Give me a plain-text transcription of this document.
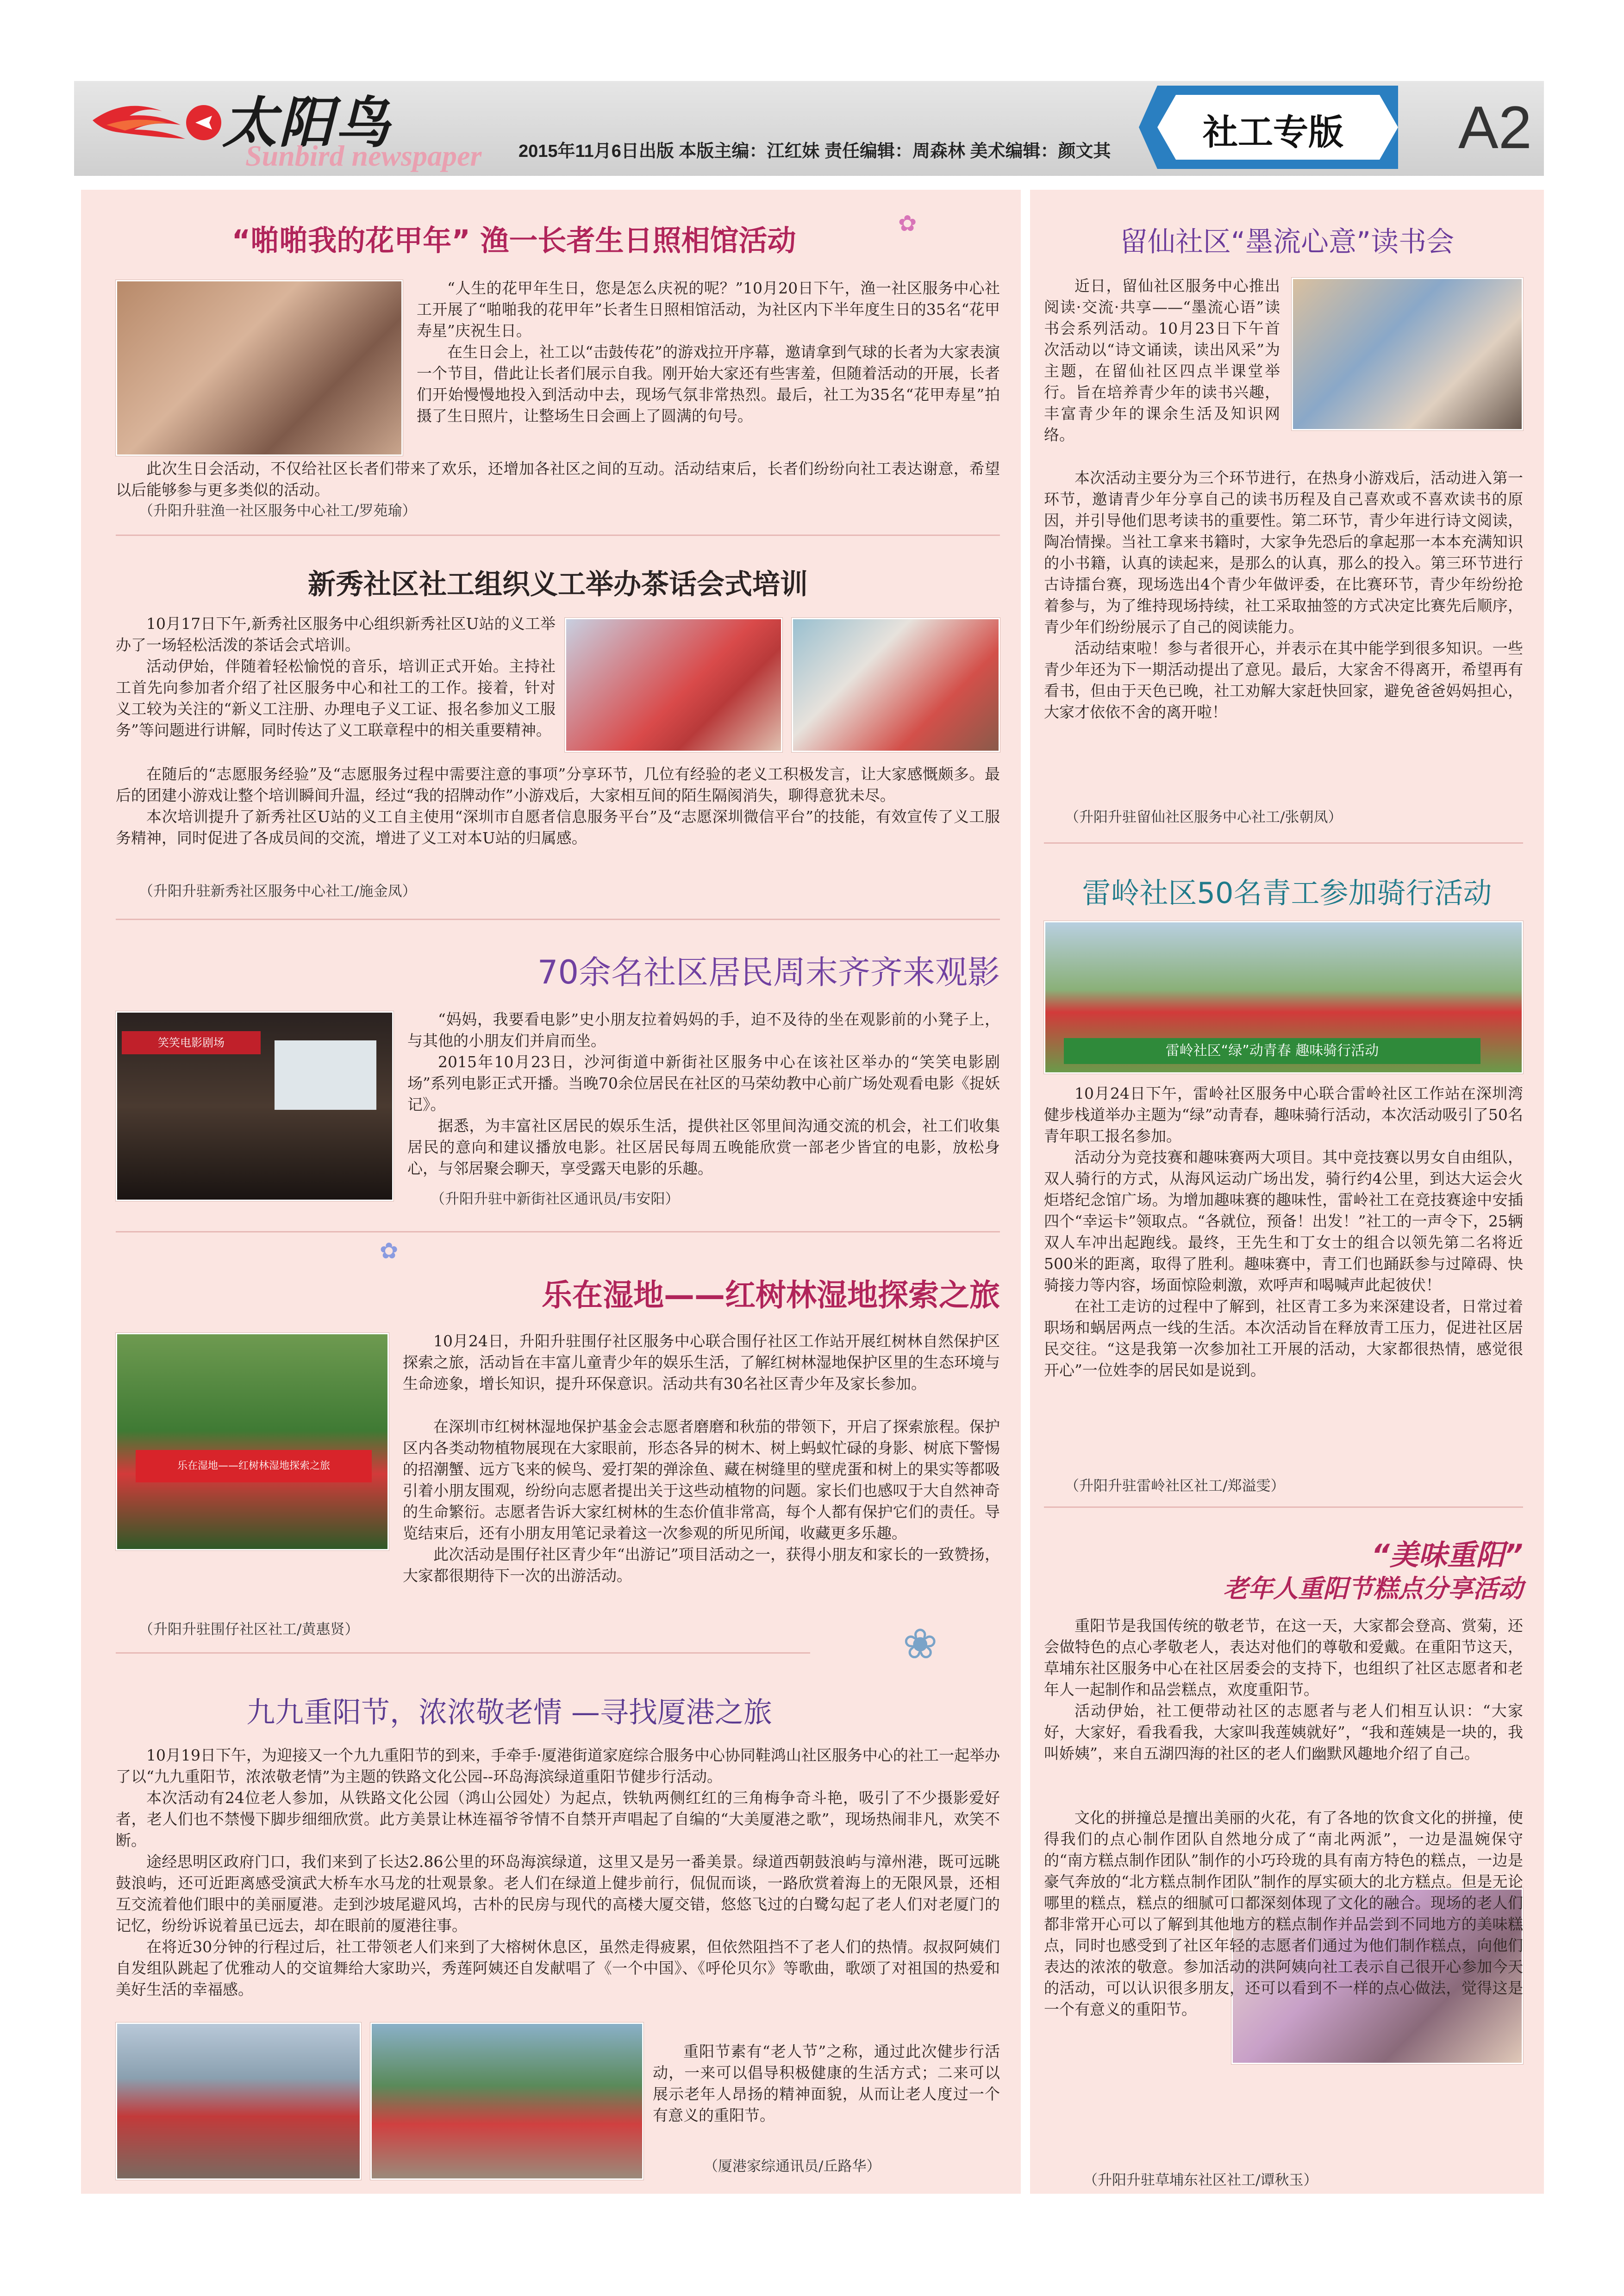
太阳鸟
Sunbird newspaper 2015年11月6日出版 本版主编：江红妹 责任编辑：周森林 美术编辑：颜文其	社工专版 A2
“啪啪我的花甲年” 渔一长者生日照相馆活动	✿

“人生的花甲年生日，您是怎么庆祝的呢？”10月20日下午，渔一社区服务中心社工开展了“啪啪我的花甲年”长者生日照相馆活动，为社区内下半年度生日的35名“花甲寿星”庆祝生日。

在生日会上，社工以“击鼓传花”的游戏拉开序幕，邀请拿到气球的长者为大家表演一个节目，借此让长者们展示自我。刚开始大家还有些害羞，但随着活动的开展，长者们开始慢慢地投入到活动中去，现场气氛非常热烈。最后，社工为35名“花甲寿星”拍摄了生日照片，让整场生日会画上了圆满的句号。

此次生日会活动，不仅给社区长者们带来了欢乐，还增加各社区之间的互动。活动结束后，长者们纷纷向社工表达谢意，希望以后能够参与更多类似的活动。

（升阳升驻渔一社区服务中心社工/罗苑瑜）
新秀社区社工组织义工举办茶话会式培训

10月17日下午,新秀社区服务中心组织新秀社区U站的义工举办了一场轻松活泼的茶话会式培训。

活动伊始，伴随着轻松愉悦的音乐，培训正式开始。主持社工首先向参加者介绍了社区服务中心和社工的工作。接着，针对义工较为关注的“新义工注册、办理电子义工证、报名参加义工服务”等问题进行讲解，同时传达了义工联章程中的相关重要精神。

在随后的“志愿服务经验”及“志愿服务过程中需要注意的事项”分享环节，几位有经验的老义工积极发言，让大家感慨颇多。最后的团建小游戏让整个培训瞬间升温，经过“我的招牌动作”小游戏后，大家相互间的陌生隔阂消失，聊得意犹未尽。

本次培训提升了新秀社区U站的义工自主使用“深圳市自愿者信息服务平台”及“志愿深圳微信平台”的技能，有效宣传了义工服务精神，同时促进了各成员间的交流，增进了义工对本U站的归属感。

（升阳升驻新秀社区服务中心社工/施金凤）
70余名社区居民周末齐齐来观影
笑笑电影剧场

“妈妈，我要看电影”史小朋友拉着妈妈的手，迫不及待的坐在观影前的小凳子上，与其他的小朋友们并肩而坐。

2015年10月23日，沙河街道中新街社区服务中心在该社区举办的“笑笑电影剧场”系列电影正式开播。当晚70余位居民在社区的马荣幼教中心前广场处观看电影《捉妖记》。

据悉，为丰富社区居民的娱乐生活，提供社区邻里间沟通交流的机会，社工们收集居民的意向和建议播放电影。社区居民每周五晚能欣赏一部老少皆宜的电影，放松身心，与邻居聚会聊天，享受露天电影的乐趣。

（升阳升驻中新街社区通讯员/韦安阳）
✿
乐在湿地——红树林湿地探索之旅
乐在湿地——红树林湿地探索之旅

10月24日，升阳升驻围仔社区服务中心联合围仔社区工作站开展红树林自然保护区探索之旅，活动旨在丰富儿童青少年的娱乐生活，了解红树林湿地保护区里的生态环境与生命迹象，增长知识，提升环保意识。活动共有30名社区青少年及家长参加。

在深圳市红树林湿地保护基金会志愿者磨磨和秋茄的带领下，开启了探索旅程。保护区内各类动物植物展现在大家眼前，形态各异的树木、树上蚂蚁忙碌的身影、树底下警惕的招潮蟹、远方飞来的候鸟、爱打架的弹涂鱼、藏在树缝里的壁虎蛋和树上的果实等都吸引着小朋友围观，纷纷向志愿者提出关于这些动植物的问题。家长们也感叹于大自然神奇的生命繁衍。志愿者告诉大家红树林的生态价值非常高，每个人都有保护它们的责任。导览结束后，还有小朋友用笔记录着这一次参观的所见所闻，收藏更多乐趣。

此次活动是围仔社区青少年“出游记”项目活动之一，获得小朋友和家长的一致赞扬，大家都很期待下一次的出游活动。

（升阳升驻围仔社区社工/黄惠贤）	❀
九九重阳节，浓浓敬老情 —寻找厦港之旅

10月19日下午，为迎接又一个九九重阳节的到来，手牵手·厦港街道家庭综合服务中心协同鞋鸿山社区服务中心的社工一起举办了以“九九重阳节，浓浓敬老情”为主题的铁路文化公园--环岛海滨绿道重阳节健步行活动。

本次活动有24位老人参加，从铁路文化公园（鸿山公园处）为起点，铁轨两侧红红的三角梅争奇斗艳，吸引了不少摄影爱好者，老人们也不禁慢下脚步细细欣赏。此方美景让林连福爷爷情不自禁开声唱起了自编的“大美厦港之歌”，现场热闹非凡，欢笑不断。

途经思明区政府门口，我们来到了长达2.86公里的环岛海滨绿道，这里又是另一番美景。绿道西朝鼓浪屿与漳州港，既可远眺鼓浪屿，还可近距离感受演武大桥车水马龙的壮观景象。老人们在绿道上健步前行，侃侃而谈，一路欣赏着海上的无限风景，还相互交流着他们眼中的美丽厦港。走到沙坡尾避风坞，古朴的民房与现代的高楼大厦交错，悠悠飞过的白鹭勾起了老人们对老厦门的记忆，纷纷诉说着虽已远去，却在眼前的厦港往事。

在将近30分钟的行程过后，社工带领老人们来到了大榕树休息区，虽然走得疲累，但依然阻挡不了老人们的热情。叔叔阿姨们自发组队跳起了优雅动人的交谊舞给大家助兴，秀莲阿姨还自发献唱了《一个中国》、《呼伦贝尔》等歌曲，歌颂了对祖国的热爱和美好生活的幸福感。

重阳节素有“老人节”之称，通过此次健步行活动，一来可以倡导积极健康的生活方式；二来可以展示老年人昂扬的精神面貌，从而让老人度过一个有意义的重阳节。

（厦港家综通讯员/丘路华）
留仙社区“墨流心意”读书会

近日，留仙社区服务中心推出阅读·交流·共享——“墨流心语”读书会系列活动。10月23日下午首次活动以“诗文诵读，读出风采”为主题，在留仙社区四点半课堂举行。旨在培养青少年的读书兴趣，丰富青少年的课余生活及知识网络。

本次活动主要分为三个环节进行，在热身小游戏后，活动进入第一环节，邀请青少年分享自己的读书历程及自己喜欢或不喜欢读书的原因，并引导他们思考读书的重要性。第二环节，青少年进行诗文阅读，陶冶情操。当社工拿来书籍时，大家争先恐后的拿起那一本本充满知识的小书籍，认真的读起来，是那么的认真，那么的投入。第三环节进行古诗擂台赛，现场选出4个青少年做评委，在比赛环节，青少年纷纷抢着参与，为了维持现场持续，社工采取抽签的方式决定比赛先后顺序，青少年们纷纷展示了自己的阅读能力。

活动结束啦！参与者很开心，并表示在其中能学到很多知识。一些青少年还为下一期活动提出了意见。最后，大家舍不得离开，希望再有看书，但由于天色已晚，社工劝解大家赶快回家，避免爸爸妈妈担心，大家才依依不舍的离开啦！

（升阳升驻留仙社区服务中心社工/张朝凤）
雷岭社区50名青工参加骑行活动
雷岭社区“绿”动青春 趣味骑行活动

10月24日下午，雷岭社区服务中心联合雷岭社区工作站在深圳湾健步栈道举办主题为“绿”动青春，趣味骑行活动，本次活动吸引了50名青年职工报名参加。

活动分为竞技赛和趣味赛两大项目。其中竞技赛以男女自由组队，双人骑行的方式，从海风运动广场出发，骑行约4公里，到达大运会火炬塔纪念馆广场。为增加趣味赛的趣味性，雷岭社工在竞技赛途中安插四个“幸运卡”领取点。“各就位，预备！出发！”社工的一声令下，25辆双人车冲出起跑线。最终，王先生和丁女士的组合以领先第二名将近500米的距离，取得了胜利。趣味赛中，青工们也踊跃参与过障碍、快骑接力等内容，场面惊险刺激，欢呼声和喝喊声此起彼伏！

在社工走访的过程中了解到，社区青工多为来深建设者，日常过着职场和蜗居两点一线的生活。本次活动旨在释放青工压力，促进社区居民交往。“这是我第一次参加社工开展的活动，大家都很热情，感觉很开心”一位姓李的居民如是说到。

（升阳升驻雷岭社区社工/郑溢雯）
“美味重阳”
老年人重阳节糕点分享活动

重阳节是我国传统的敬老节，在这一天，大家都会登高、赏菊，还会做特色的点心孝敬老人，表达对他们的尊敬和爱戴。在重阳节这天，草埔东社区服务中心在社区居委会的支持下，也组织了社区志愿者和老年人一起制作和品尝糕点，欢度重阳节。

活动伊始，社工便带动社区的志愿者与老人们相互认识：“大家好，大家好，看我看我，大家叫我莲姨就好”，“我和莲姨是一块的，我叫娇姨”，来自五湖四海的社区的老人们幽默风趣地介绍了自己。

文化的拼撞总是擅出美丽的火花，有了各地的饮食文化的拼撞，使得我们的点心制作团队自然地分成了“南北两派”，一边是温婉保守的“南方糕点制作团队”制作的小巧玲珑的具有南方特色的糕点，一边是豪气奔放的“北方糕点制作团队”制作的厚实硕大的北方糕点。但是无论哪里的糕点，糕点的细腻可口都深刻体现了文化的融合。现场的老人们都非常开心可以了解到其他地方的糕点制作并品尝到不同地方的美味糕点，同时也感受到了社区年轻的志愿者们通过为他们制作糕点，向他们表达的浓浓的敬意。参加活动的洪阿姨向社工表示自己很开心参加今天的活动，可以认识很多朋友，还可以看到不一样的点心做法，觉得这是一个有意义的重阳节。

（升阳升驻草埔东社区社工/谭秋玉）
